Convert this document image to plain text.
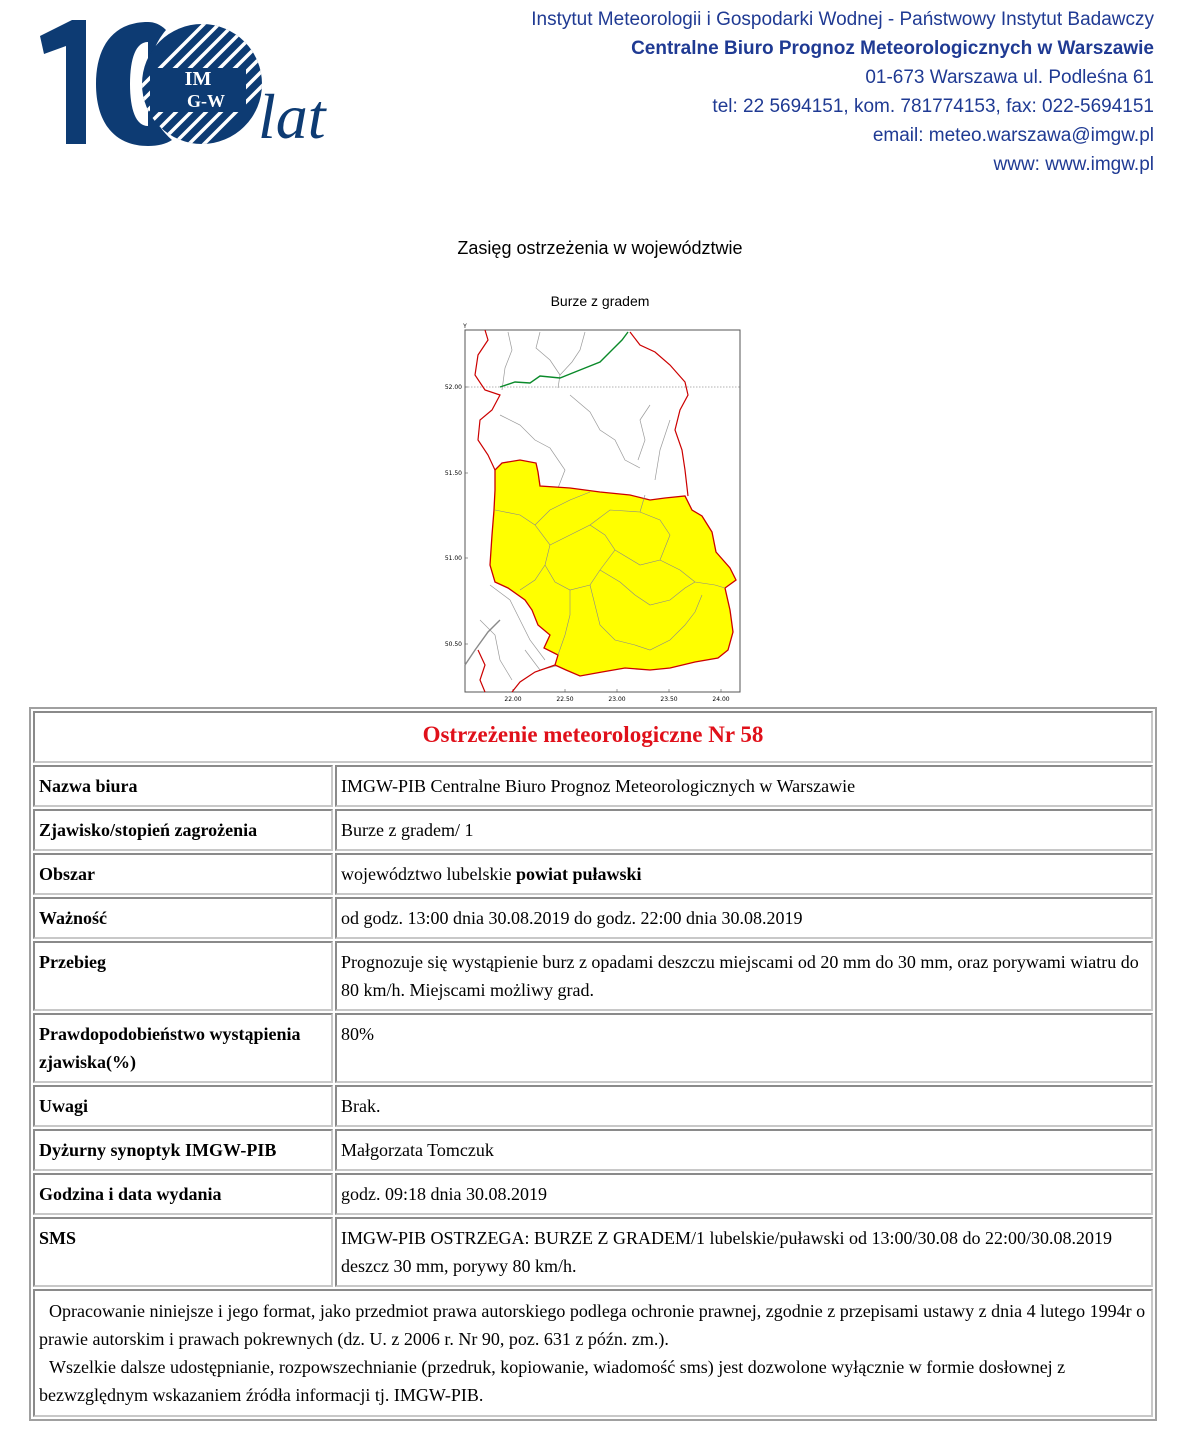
IM
G-W lat
Instytut Meteorologii i Gospodarki Wodnej - Państwowy Instytut Badawczy
Centralne Biuro Prognoz Meteorologicznych w Warszawie
01-673 Warszawa ul. Podleśna 61
tel: 22 5694151, kom. 781774153, fax: 022-5694151
email: meteo.warszawa@imgw.pl
www: www.imgw.pl
Zasięg ostrzeżenia w województwie
Burze z gradem
Y
52.00
51.50
51.00
50.50
22.00	22.50	23.00	23.50	24.00
Ostrzeżenie meteorologiczne Nr 58	
Nazwa biura	IMGW-PIB Centralne Biuro Prognoz Meteorologicznych w Warszawie
Zjawisko/stopień zagrożenia	Burze z gradem/ 1
Obszar	województwo lubelskie powiat puławski
Ważność	od godz. 13:00 dnia 30.08.2019 do godz. 22:00 dnia 30.08.2019
Przebieg	Prognozuje się wystąpienie burz z opadami deszczu miejscami od 20 mm do 30 mm, oraz porywami wiatru do 80 km/h. Miejscami możliwy grad.
Prawdopodobieństwo wystąpienia zjawiska(%)	80%
Uwagi	Brak.
Dyżurny synoptyk IMGW-PIB	Małgorzata Tomczuk
Godzina i data wydania	godz. 09:18 dnia 30.08.2019
SMS	IMGW-PIB OSTRZEGA: BURZE Z GRADEM/1 lubelskie/puławski od 13:00/30.08 do 22:00/30.08.2019 deszcz 30 mm, porywy 80 km/h.

Opracowanie niniejsze i jego format, jako przedmiot prawa autorskiego podlega ochronie prawnej, zgodnie z przepisami ustawy z dnia 4 lutego 1994r o prawie autorskim i prawach pokrewnych (dz. U. z 2006 r. Nr 90, poz. 631 z późn. zm.).

Wszelkie dalsze udostępnianie, rozpowszechnianie (przedruk, kopiowanie, wiadomość sms) jest dozwolone wyłącznie w formie dosłownej z bezwzględnym wskazaniem źródła informacji tj. IMGW-PIB.	
